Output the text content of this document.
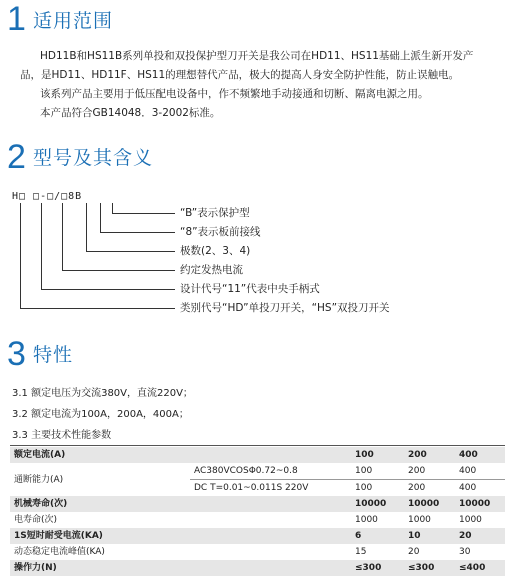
1 适用范围
HD11B和HS11B系列单投和双投保护型刀开关是我公司在HD11、HS11基础上派生新开发产
品，是HD11、HD11F、HS11的理想替代产品，极大的提高人身安全防护性能，防止误触电。
该系列产品主要用于低压配电设备中，作不频繁地手动接通和切断、隔离电源之用。
本产品符合GB14048．3-2002标准。
2 型号及其含义
H□ □-□/□8B
“B”表示保护型
“8”表示板前接线
极数(2、3、4)
约定发热电流
设计代号“11”代表中央手柄式
类别代号“HD”单投刀开关，“HS”双投刀开关
3 特性
3.1 额定电压为交流380V，直流220V；
3.2 额定电流为100A，200A，400A；
3.3 主要技术性能参数
额定电流(A)		100	200	400
通断能力(A)	AC380VCOSΦ0.72~0.8	100	200	400
	DC T=0.01~0.011S 220V	100	200	400
机械寿命(次)		10000	10000	10000
电寿命(次)		1000	1000	1000
1S短时耐受电流(KA)		6	10	20
动态稳定电流峰值(KA)		15	20	30
操作力(N)		≤300	≤300	≤400
